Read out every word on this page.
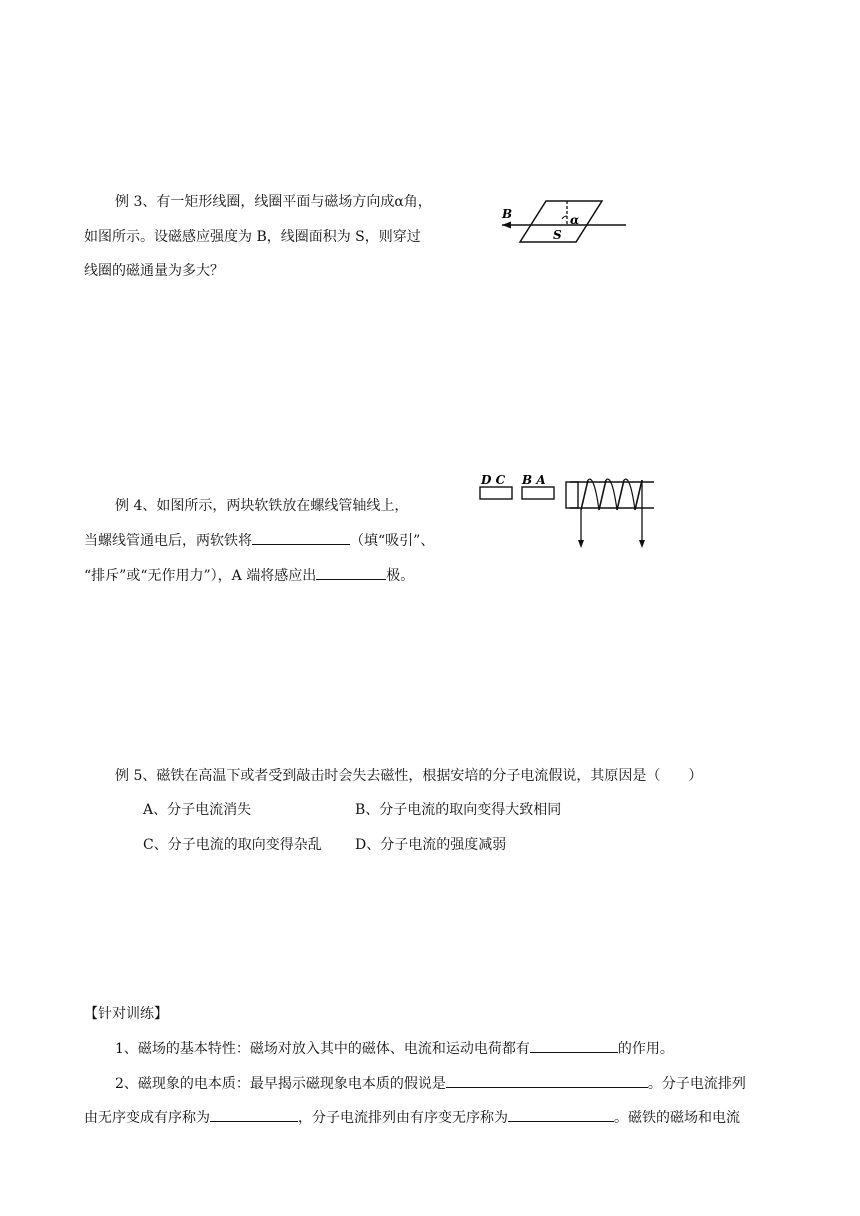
例 3、有一矩形线圈，线圈平面与磁场方向成α角，
如图所示。设磁感应强度为 B，线圈面积为 S，则穿过
线圈的磁通量为多大？
B	α
S
例 4、如图所示，两块软铁放在螺线管轴线上，
当螺线管通电后，两软铁将	（填“吸引”、
“排斥”或“无作用力”），A 端将感应出	极。
D C B A
例 5、磁铁在高温下或者受到敲击时会失去磁性，根据安培的分子电流假说，其原因是（　　）
A、分子电流消失	B、分子电流的取向变得大致相同
C、分子电流的取向变得杂乱 D、分子电流的强度减弱
【针对训练】
1、磁场的基本特性：磁场对放入其中的磁体、电流和运动电荷都有	的作用。
2、磁现象的电本质：最早揭示磁现象电本质的假说是	。分子电流排列
由无序变成有序称为	，分子电流排列由有序变无序称为	。磁铁的磁场和电流
